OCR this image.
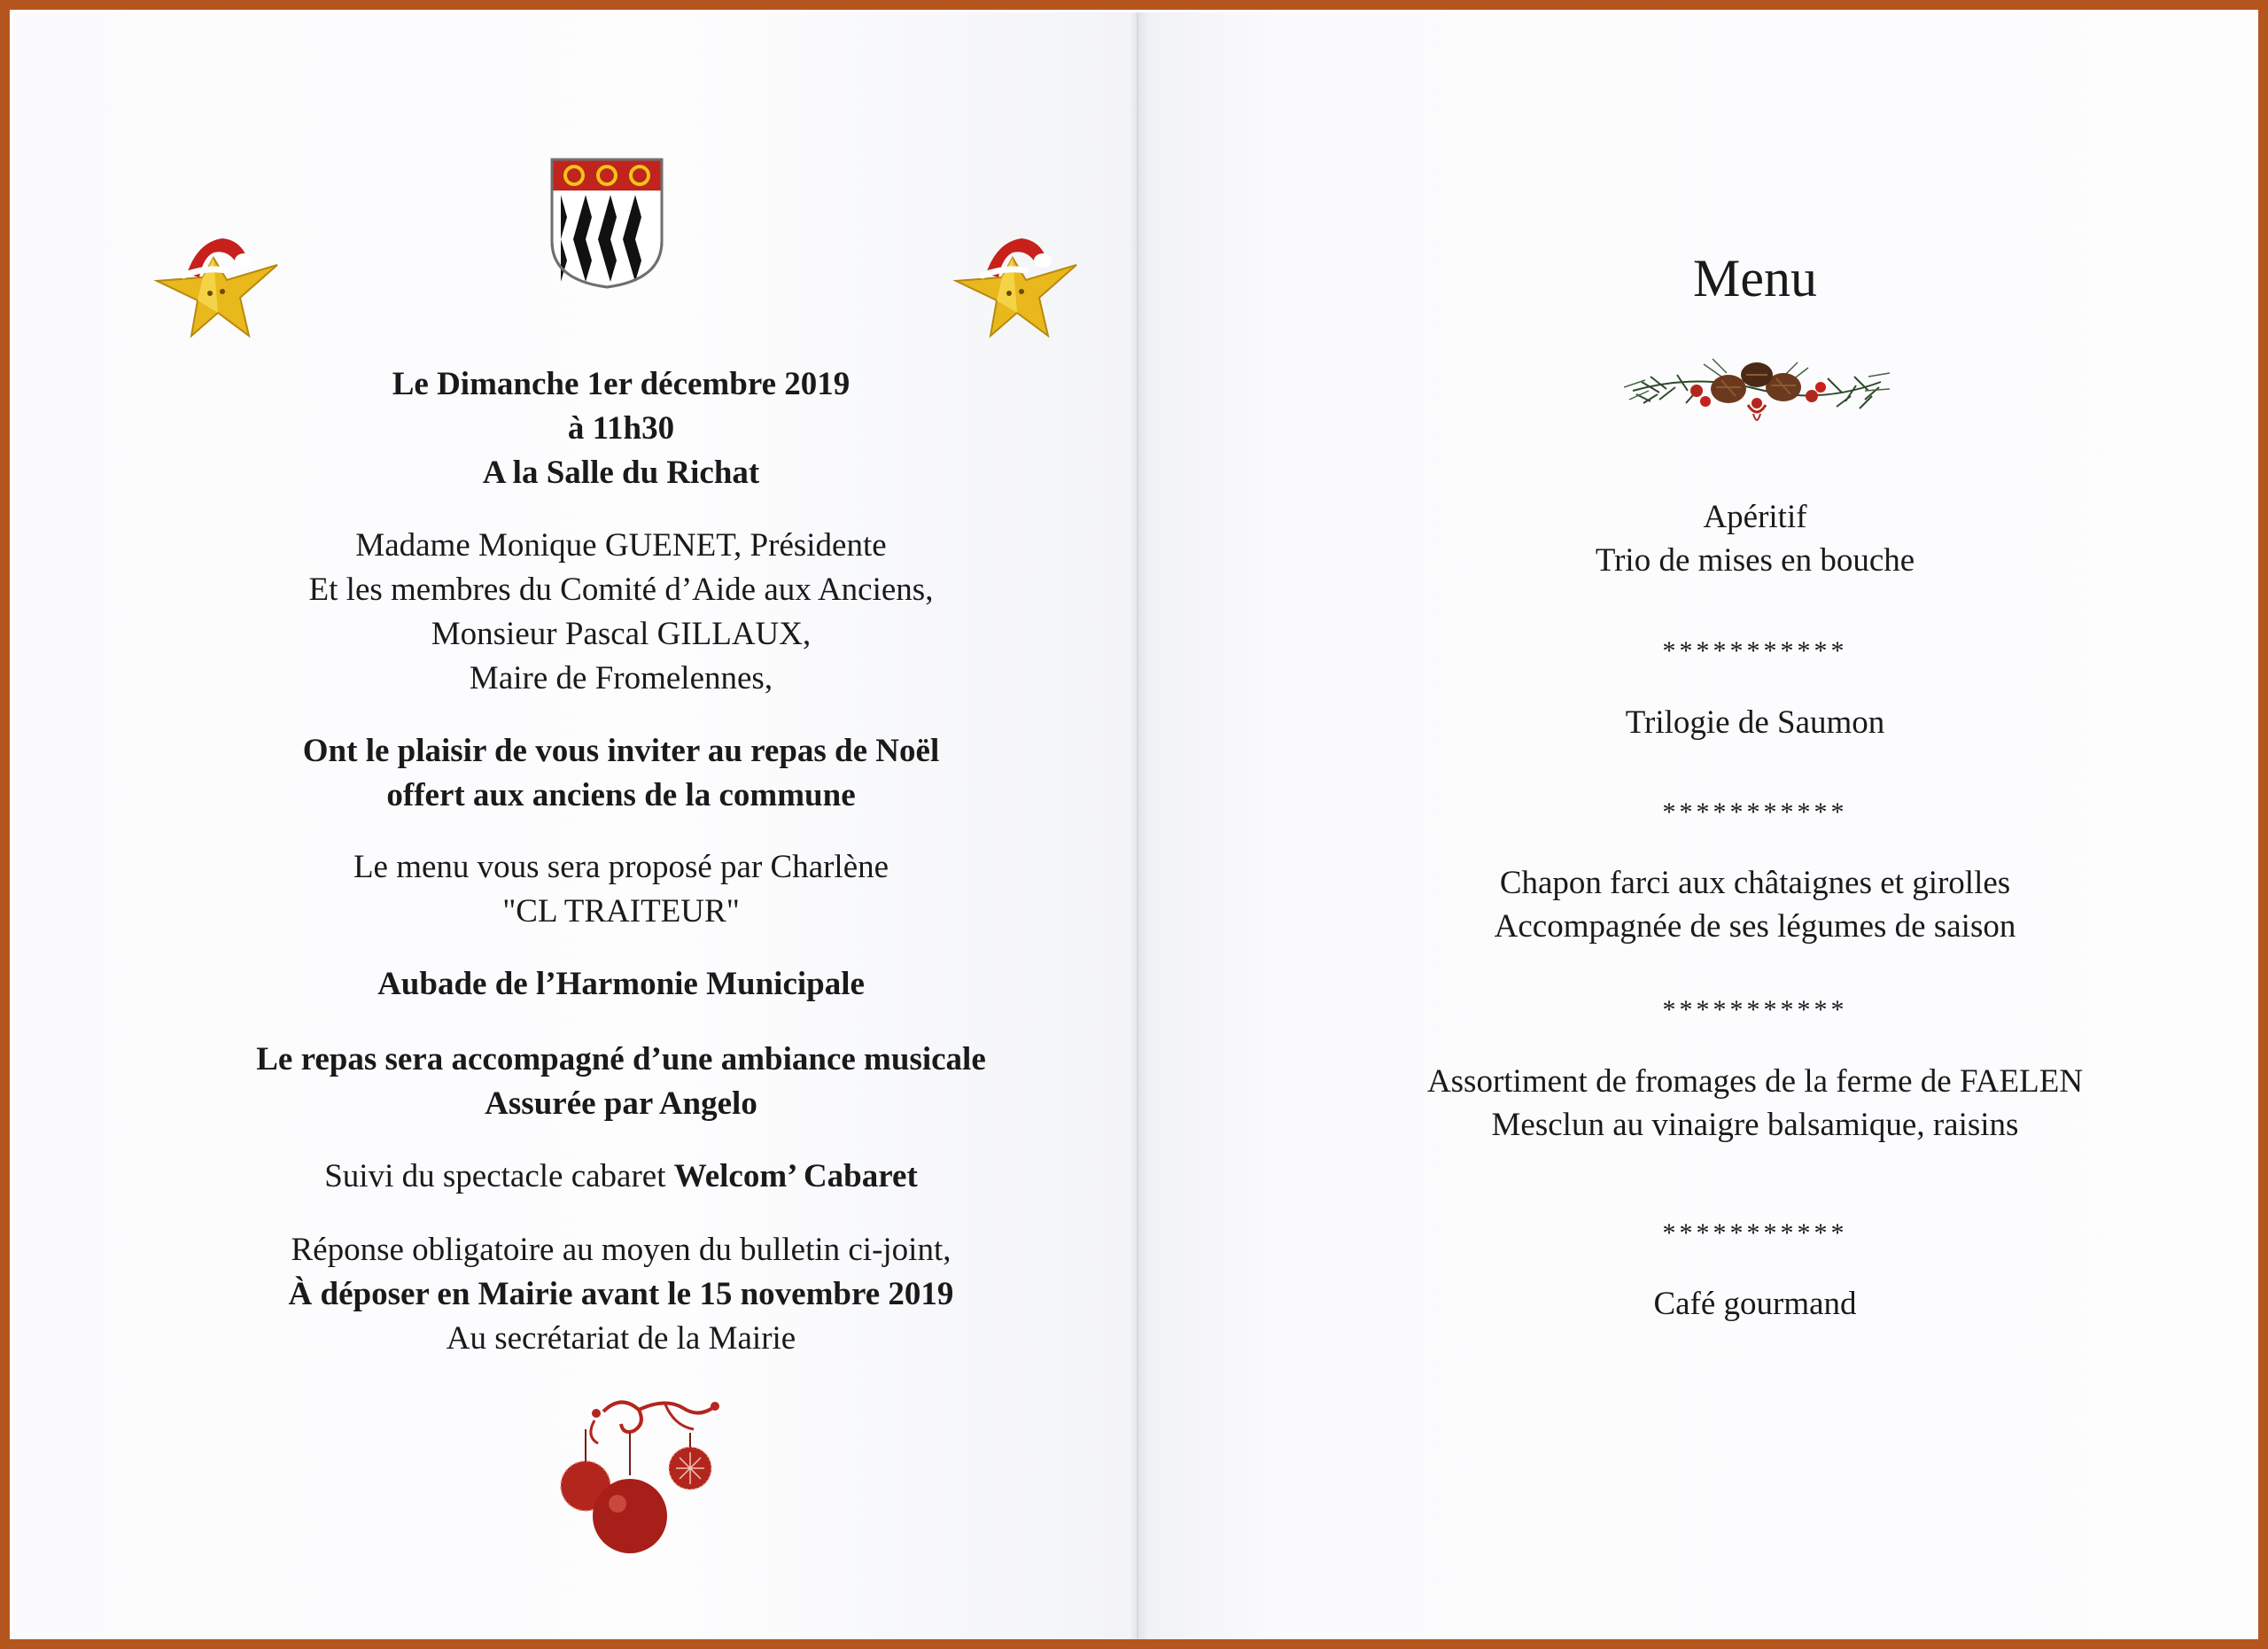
Le Dimanche 1er décembre 2019
à 11h30
A la Salle du Richat
Madame Monique GUENET, Présidente
Et les membres du Comité d’Aide aux Anciens,
Monsieur Pascal GILLAUX,
Maire de Fromelennes,
Ont le plaisir de vous inviter au repas de Noël
offert aux anciens de la commune
Le menu vous sera proposé par Charlène
"CL TRAITEUR"
Aubade de l’Harmonie Municipale
Le repas sera accompagné d’une ambiance musicale
Assurée par Angelo
Suivi du spectacle cabaret Welcom’ Cabaret
Réponse obligatoire au moyen du bulletin ci-joint,
À déposer en Mairie avant le 15 novembre 2019
Au secrétariat de la Mairie
Menu
Apéritif
Trio de mises en bouche
***********
Trilogie de Saumon
***********
Chapon farci aux châtaignes et girolles
Accompagnée de ses légumes de saison
***********
Assortiment de fromages de la ferme de FAELEN
Mesclun au vinaigre balsamique, raisins
***********
Café gourmand
